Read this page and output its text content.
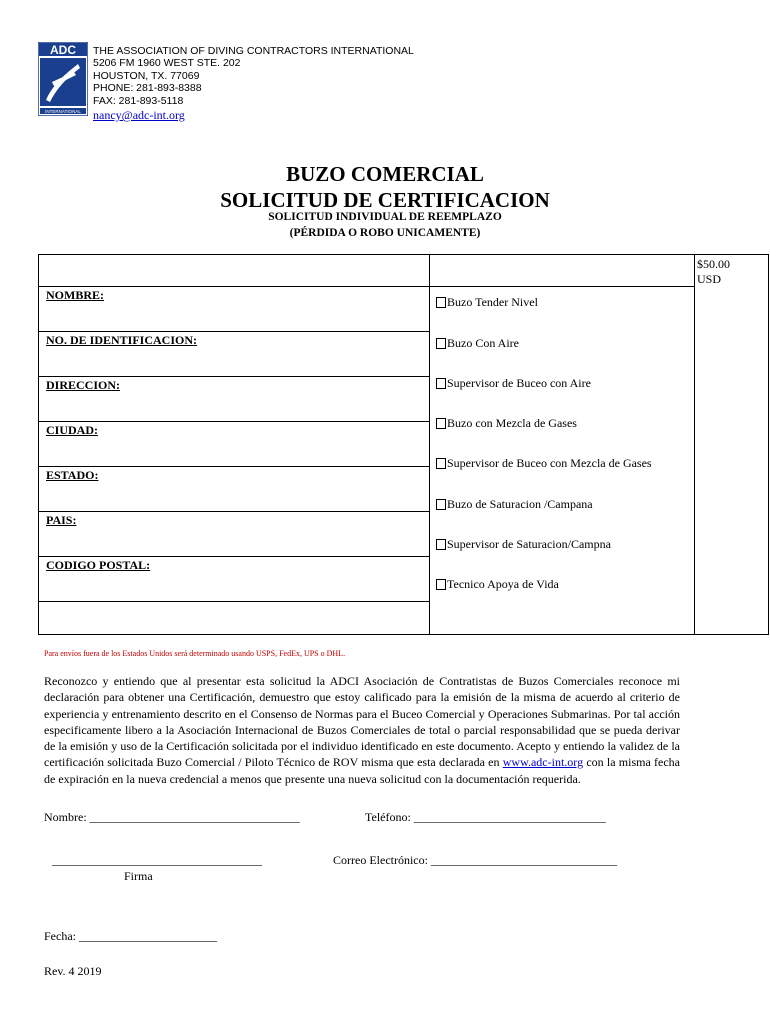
ADC
INTERNATIONAL
THE ASSOCIATION OF DIVING CONTRACTORS INTERNATIONAL
5206 FM 1960 WEST STE. 202
HOUSTON, TX. 77069
PHONE: 281-893-8388
FAX: 281-893-5118
nancy@adc-int.org
BUZO COMERCIAL
SOLICITUD DE CERTIFICACION
SOLICITUD INDIVIDUAL DE REEMPLAZO
(PÉRDIDA O ROBO UNICAMENTE)
NOMBRE:
NO. DE IDENTIFICACION:
DIRECCION:
CIUDAD:
ESTADO:
PAIS:
CODIGO POSTAL:
$50.00
USD
Buzo Tender Nivel
Buzo Con Aire
Supervisor de Buceo con Aire
Buzo con Mezcla de Gases
Supervisor de Buceo con Mezcla de Gases
Buzo de Saturacion /Campana
Supervisor de Saturacion/Campna
Tecnico Apoya de Vida
Para envíos fuera de los Estados Unidos será determinado usando USPS, FedEx, UPS o DHL.
Reconozco y entiendo que al presentar esta solicitud la ADCI Asociación de Contratistas de Buzos Comerciales reconoce mi declaración para obtener una Certificación, demuestro que estoy calificado para la emisión de la misma de acuerdo al criterio de experiencia y entrenamiento descrito en el Consenso de Normas para el Buceo Comercial y Operaciones Submarinas. Por tal acción especificamente libero a la Asociación Internacional de Buzos Comerciales de total o parcial responsabilidad que se pueda derivar de la emisión y uso de la Certificación solicitada por el individuo identificado en este documento. Acepto y entiendo la validez de la certificación solicitada Buzo Comercial / Piloto Técnico de ROV misma que esta declarada en www.adc-int.org con la misma fecha de expiración en la nueva credencial a menos que presente una nueva solicitud con la documentación requerida.
Nombre: ___________________________________	Teléfono: ________________________________
___________________________________
Firma
Correo Electrónico: _______________________________
Fecha: _______________________
Rev. 4 2019
